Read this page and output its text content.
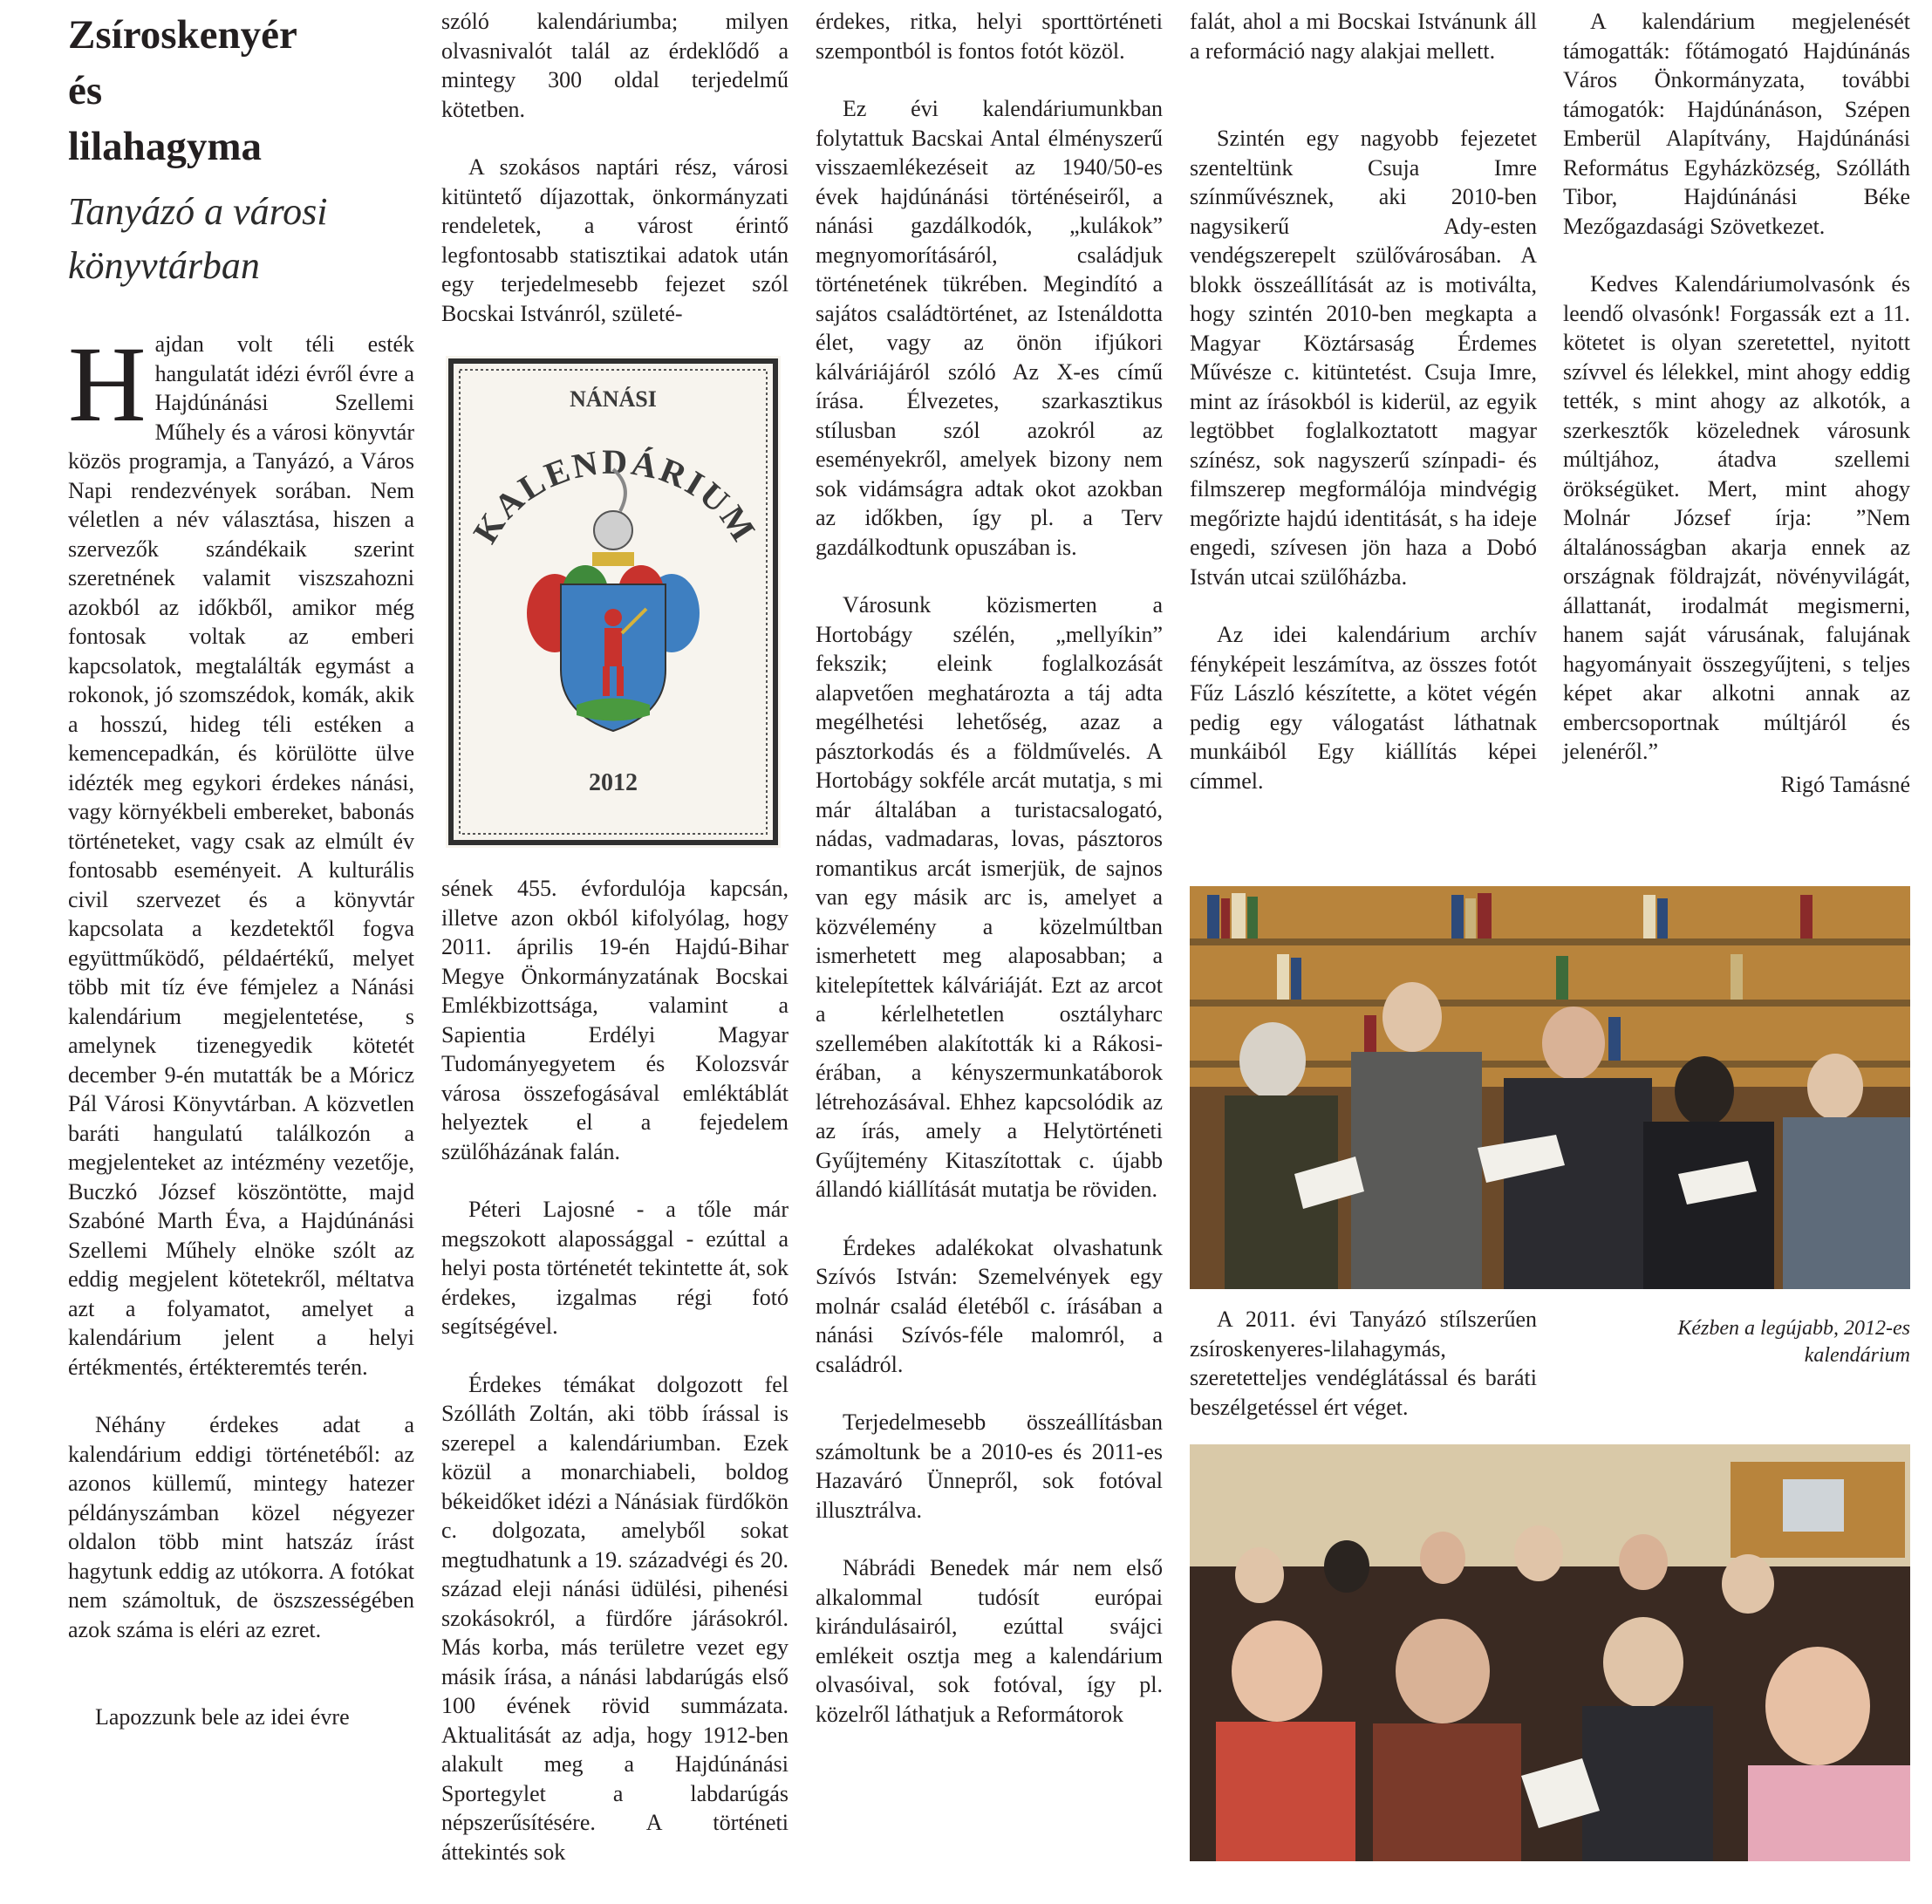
Zsíroskenyér
és
lilahagyma
Tanyázó a városi
könyvtárban

Hajdan volt téli esték hangulatát idézi évről évre a Hajdúnánási Szellemi Műhely és a városi könyvtár közös programja, a Tanyázó, a Város Napi rendezvények sorában. Nem véletlen a név választása, hiszen a szervezők szándékaik szerint szeretnének valamit viszszahozni azokból az időkből, amikor még fontosak voltak az emberi kapcsolatok, megtalálták egymást a rokonok, jó szomszédok, komák, akik a hosszú, hideg téli estéken a kemencepadkán, és körülötte ülve idézték meg egykori érdekes nánási, vagy környékbeli embereket, babonás történeteket, vagy csak az elmúlt év fontosabb eseményeit. A kulturális civil szervezet és a könyvtár kapcsolata a kezdetektől fogva együttműködő, példaértékű, melyet több mit tíz éve fémjelez a Nánási kalendárium megjelentetése, s amelynek tizenegyedik kötetét december 9-én mutatták be a Móricz Pál Városi Könyvtárban. A közvetlen baráti hangulatú találkozón a megjelenteket az intézmény vezetője, Buczkó József köszöntötte, majd Szabóné Marth Éva, a Hajdúnánási Szellemi Műhely elnöke szólt az eddig megjelent kötetekről, méltatva azt a folyamatot, amelyet a kalendárium jelent a helyi értékmentés, értékteremtés terén.

Néhány érdekes adat a kalendárium eddigi történetéből: az azonos küllemű, mintegy hatezer példányszámban közel négyezer oldalon több mint hatszáz írást hagytunk eddig az utókorra. A fotókat nem számoltuk, de öszszességében azok száma is eléri az ezret.

Lapozzunk bele az idei évre

szóló kalendáriumba; milyen olvasnivalót talál az érdeklődő a mintegy 300 oldal terjedelmű kötetben.

A szokásos naptári rész, városi kitüntető díjazottak, önkormányzati rendeletek, a várost érintő legfontosabb statisztikai adatok után egy terjedelmesebb fejezet szól Bocskai Istvánról, születé-

NÁNÁSI
KALENDÁRIUM
2012

sének 455. évfordulója kapcsán, illetve azon okból kifolyólag, hogy 2011. április 19-én Hajdú-Bihar Megye Önkormányzatának Bocskai Emlékbizottsága, valamint a Sapientia Erdélyi Magyar Tudományegyetem és Kolozsvár városa összefogásával emléktáblát helyeztek el a fejedelem szülőházának falán.

Péteri Lajosné - a tőle már megszokott alapossággal - ezúttal a helyi posta történetét tekintette át, sok érdekes, izgalmas régi fotó segítségével.

Érdekes témákat dolgozott fel Szólláth Zoltán, aki több írással is szerepel a kalendáriumban. Ezek közül a monarchiabeli, boldog békeidőket idézi a Nánásiak fürdőkön c. dolgozata, amelyből sokat megtudhatunk a 19. századvégi és 20. század eleji nánási üdülési, pihenési szokásokról, a fürdőre járásokról. Más korba, más területre vezet egy másik írása, a nánási labdarúgás első 100 évének rövid summázata. Aktualitását az adja, hogy 1912-ben alakult meg a Hajdúnánási Sportegylet a labdarúgás népszerűsítésére. A történeti áttekintés sok

érdekes, ritka, helyi sporttörténeti szempontból is fontos fotót közöl.

Ez évi kalendáriumunkban folytattuk Bacskai Antal élményszerű visszaemlékezéseit az 1940/50-es évek hajdúnánási történéseiről, a nánási gazdálkodók, „kulákok” megnyomorításáról, családjuk történetének tükrében. Megindító a sajátos családtörténet, az Istenáldotta élet, vagy az önön ifjúkori kálváriájáról szóló Az X-es című írása. Élvezetes, szarkasztikus stílusban szól azokról az eseményekről, amelyek bizony nem sok vidámságra adtak okot azokban az időkben, így pl. a Terv gazdálkodtunk opuszában is.

Városunk közismerten a Hortobágy szélén, „mellyíkin” fekszik; eleink foglalkozását alapvetően meghatározta a táj adta megélhetési lehetőség, azaz a pásztorkodás és a földművelés. A Hortobágy sokféle arcát mutatja, s mi már általában a turistacsalogató, nádas, vadmadaras, lovas, pásztoros romantikus arcát ismerjük, de sajnos van egy másik arc is, amelyet a közvélemény a közelmúltban ismerhetett meg alaposabban; a kitelepítettek kálváriáját. Ezt az arcot a kérlelhetetlen osztályharc szellemében alakították ki a Rákosi-érában, a kényszermunkatáborok létrehozásával. Ehhez kapcsolódik az az írás, amely a Helytörténeti Gyűjtemény Kitaszítottak c. újabb állandó kiállítását mutatja be röviden.

Érdekes adalékokat olvashatunk Szívós István: Szemelvények egy molnár család életéből c. írásában a nánási Szívós-féle malomról, a családról.

Terjedelmesebb összeállításban számoltunk be a 2010-es és 2011-es Hazaváró Ünnepről, sok fotóval illusztrálva.

Nábrádi Benedek már nem első alkalommal tudósít európai kirándulásairól, ezúttal svájci emlékeit osztja meg a kalendárium olvasóival, sok fotóval, így pl. közelről láthatjuk a Reformátorok

falát, ahol a mi Bocskai Istvánunk áll a reformáció nagy alakjai mellett.

Szintén egy nagyobb fejezetet szenteltünk Csuja Imre színművésznek, aki 2010-ben nagysikerű Ady-esten vendégszerepelt szülővárosában. A blokk összeállítását az is motiválta, hogy szintén 2010-ben megkapta a Magyar Köztársaság Érdemes Művésze c. kitüntetést. Csuja Imre, mint az írásokból is kiderül, az egyik legtöbbet foglalkoztatott magyar színész, sok nagyszerű színpadi- és filmszerep megformálója mindvégig megőrizte hajdú identitását, s ha ideje engedi, szívesen jön haza a Dobó István utcai szülőházba.

Az idei kalendárium archív fényképeit leszámítva, az összes fotót Fűz László készítette, a kötet végén pedig egy válogatást láthatnak munkáiból Egy kiállítás képei címmel.

A kalendárium megjelenését támogatták: főtámogató Hajdúnánás Város Önkormányzata, további támogatók: Hajdúnánáson, Szépen Emberül Alapítvány, Hajdúnánási Református Egyházközség, Szólláth Tibor, Hajdúnánási Béke Mezőgazdasági Szövetkezet.

Kedves Kalendáriumolvasónk és leendő olvasónk! Forgassák ezt a 11. kötetet is olyan szeretettel, nyitott szívvel és lélekkel, mint ahogy eddig tették, s mint ahogy az alkotók, a szerkesztők közelednek városunk múltjához, átadva szellemi örökségüket. Mert, mint ahogy Molnár József írja: ”Nem általánosságban akarja ennek az országnak földrajzát, növényvilágát, állattanát, irodalmát megismerni, hanem saját várusának, falujának hagyományait összegyűjteni, s teljes képet akar alkotni annak az embercsoportnak múltjáról és jelenéről.”

Rigó Tamásné

A 2011. évi Tanyázó stílszerűen zsíroskenyeres-lilahagymás, szeretetteljes vendéglátással és baráti beszélgetéssel ért véget.
Kézben a legújabb, 2012-es
kalendárium
